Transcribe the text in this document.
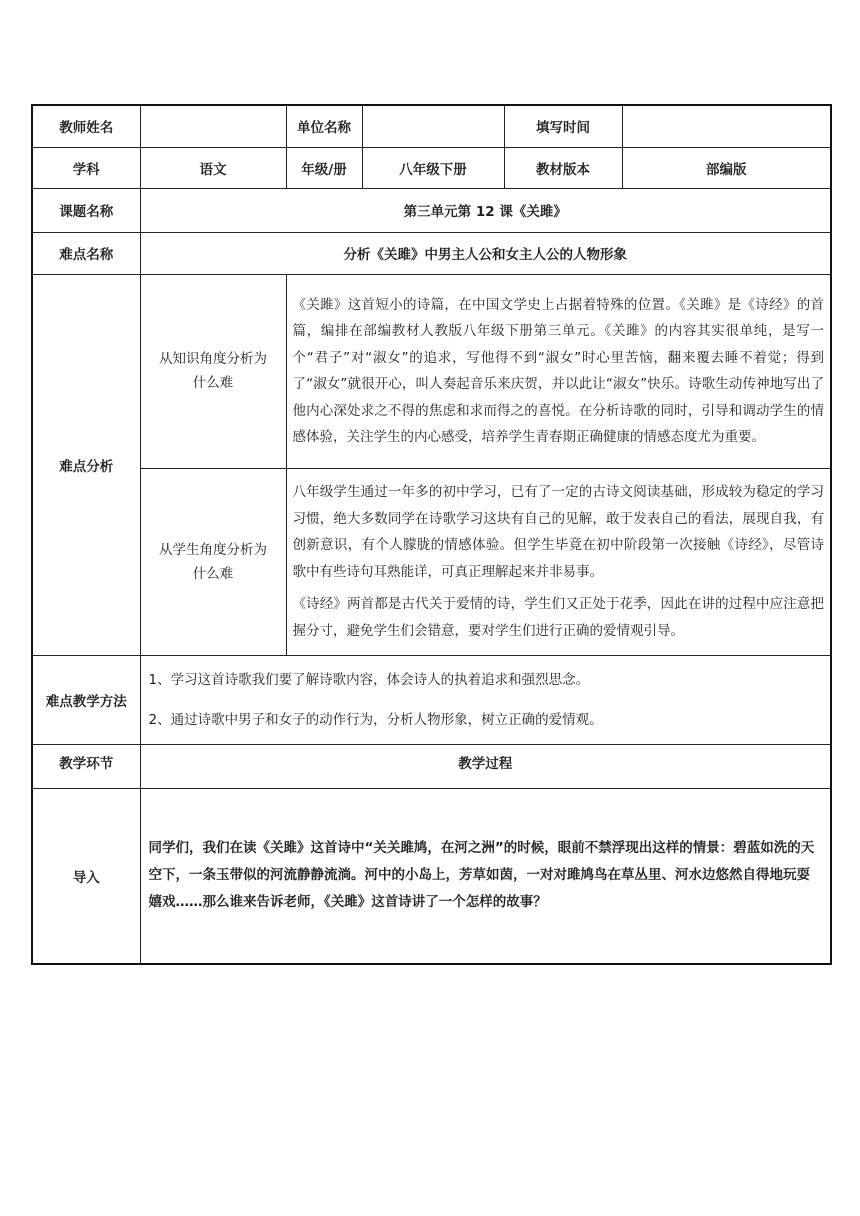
教师姓名		单位名称		填写时间	
学科	语文	年级/册	八年级下册	教材版本	部编版
课题名称	第三单元第 12 课《关雎》				
难点名称	分析《关雎》中男主人公和女主人公的人物形象				
难点分析	从知识角度分析为什么难	《关雎》这首短小的诗篇，在中国文学史上占据着特殊的位置。《关雎》是《诗经》的首篇，编排在部编教材人教版八年级下册第三单元。《关雎》的内容其实很单纯，是写一个“君子”对“淑女”的追求，写他得不到“淑女”时心里苦恼，翻来覆去睡不着觉；得到了“淑女”就很开心，叫人奏起音乐来庆贺，并以此让“淑女”快乐。诗歌生动传神地写出了他内心深处求之不得的焦虑和求而得之的喜悦。在分析诗歌的同时，引导和调动学生的情感体验，关注学生的内心感受，培养学生青春期正确健康的情感态度尤为重要。			
	从学生角度分析为什么难	八年级学生通过一年多的初中学习，已有了一定的古诗文阅读基础，形成较为稳定的学习习惯，绝大多数同学在诗歌学习这块有自己的见解，敢于发表自己的看法，展现自我，有创新意识，有个人朦胧的情感体验。但学生毕竟在初中阶段第一次接触《诗经》，尽管诗歌中有些诗句耳熟能详，可真正理解起来并非易事。
《诗经》两首都是古代关于爱情的诗，学生们又正处于花季，因此在讲的过程中应注意把握分寸，避免学生们会错意，要对学生们进行正确的爱情观引导。			

难点教学方法	1、学习这首诗歌我们要了解诗歌内容，体会诗人的执着追求和强烈思念。

2、通过诗歌中男子和女子的动作行为，分析人物形象，树立正确的爱情观。				

教学环节	教学过程				
导入	同学们，我们在读《关雎》这首诗中“关关雎鸠，在河之洲”的时候，眼前不禁浮现出这样的情景：碧蓝如洗的天空下，一条玉带似的河流静静流淌。河中的小岛上，芳草如茵，一对对雎鸠鸟在草丛里、河水边悠然自得地玩耍嬉戏……那么谁来告诉老师，《关雎》这首诗讲了一个怎样的故事？				
